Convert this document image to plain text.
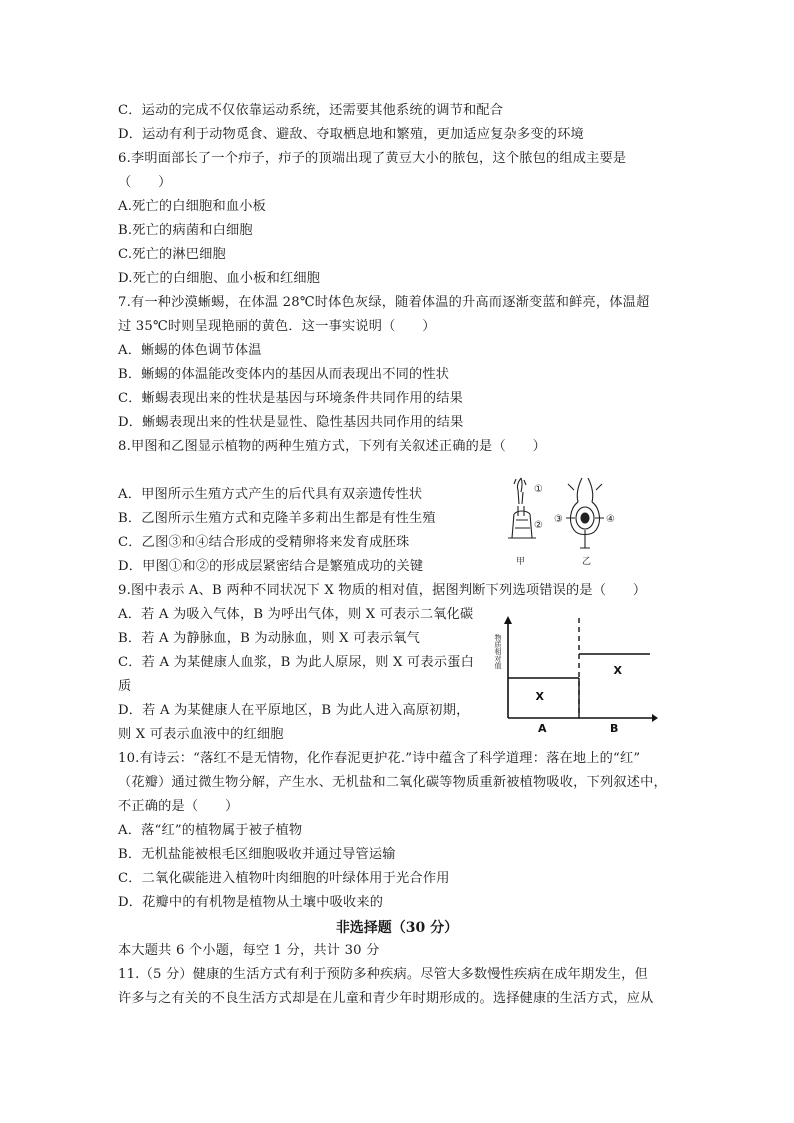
C．运动的完成不仅依靠运动系统，还需要其他系统的调节和配合
D．运动有利于动物觅食、避敌、夺取栖息地和繁殖，更加适应复杂多变的环境
6.李明面部长了一个疖子，疖子的顶端出现了黄豆大小的脓包，这个脓包的组成主要是
（　　）
A.死亡的白细胞和血小板
B.死亡的病菌和白细胞
C.死亡的淋巴细胞
D.死亡的白细胞、血小板和红细胞
7.有一种沙漠蜥蜴，在体温 28℃时体色灰绿，随着体温的升高而逐渐变蓝和鲜亮，体温超
过 35℃时则呈现艳丽的黄色．这一事实说明（　　）
A．蜥蜴的体色调节体温
B．蜥蜴的体温能改变体内的基因从而表现出不同的性状
C．蜥蜴表现出来的性状是基因与环境条件共同作用的结果
D．蜥蜴表现出来的性状是显性、隐性基因共同作用的结果
8.甲图和乙图显示植物的两种生殖方式，下列有关叙述正确的是（　　）
A．甲图所示生殖方式产生的后代具有双亲遗传性状
B．乙图所示生殖方式和克隆羊多莉出生都是有性生殖
C．乙图③和④结合形成的受精卵将来发育成胚珠
D．甲图①和②的形成层紧密结合是繁殖成功的关键
9.图中表示 A、B 两种不同状况下 X 物质的相对值，据图判断下列选项错误的是（　　）
A．若 A 为吸入气体，B 为呼出气体，则 X 可表示二氧化碳
B．若 A 为静脉血，B 为动脉血，则 X 可表示氧气
C．若 A 为某健康人血浆，B 为此人原尿，则 X 可表示蛋白
质
D．若 A 为某健康人在平原地区，B 为此人进入高原初期，
则 X 可表示血液中的红细胞
10.有诗云：“落红不是无情物，化作春泥更护花.”诗中蕴含了科学道理：落在地上的“红”
（花瓣）通过微生物分解，产生水、无机盐和二氧化碳等物质重新被植物吸收，下列叙述中，
不正确的是（　　）
A．落“红”的植物属于被子植物
B．无机盐能被根毛区细胞吸收并通过导管运输
C．二氧化碳能进入植物叶肉细胞的叶绿体用于光合作用
D．花瓣中的有机物是植物从土壤中吸收来的
非选择题（30 分）
本大题共 6 个小题，每空 1 分，共计 30 分
11.（5 分）健康的生活方式有利于预防多种疾病。尽管大多数慢性疾病在成年期发生，但
许多与之有关的不良生活方式却是在儿童和青少年时期形成的。选择健康的生活方式，应从
①
②
③	④
甲	乙
物质相对值
X
X
A	B
